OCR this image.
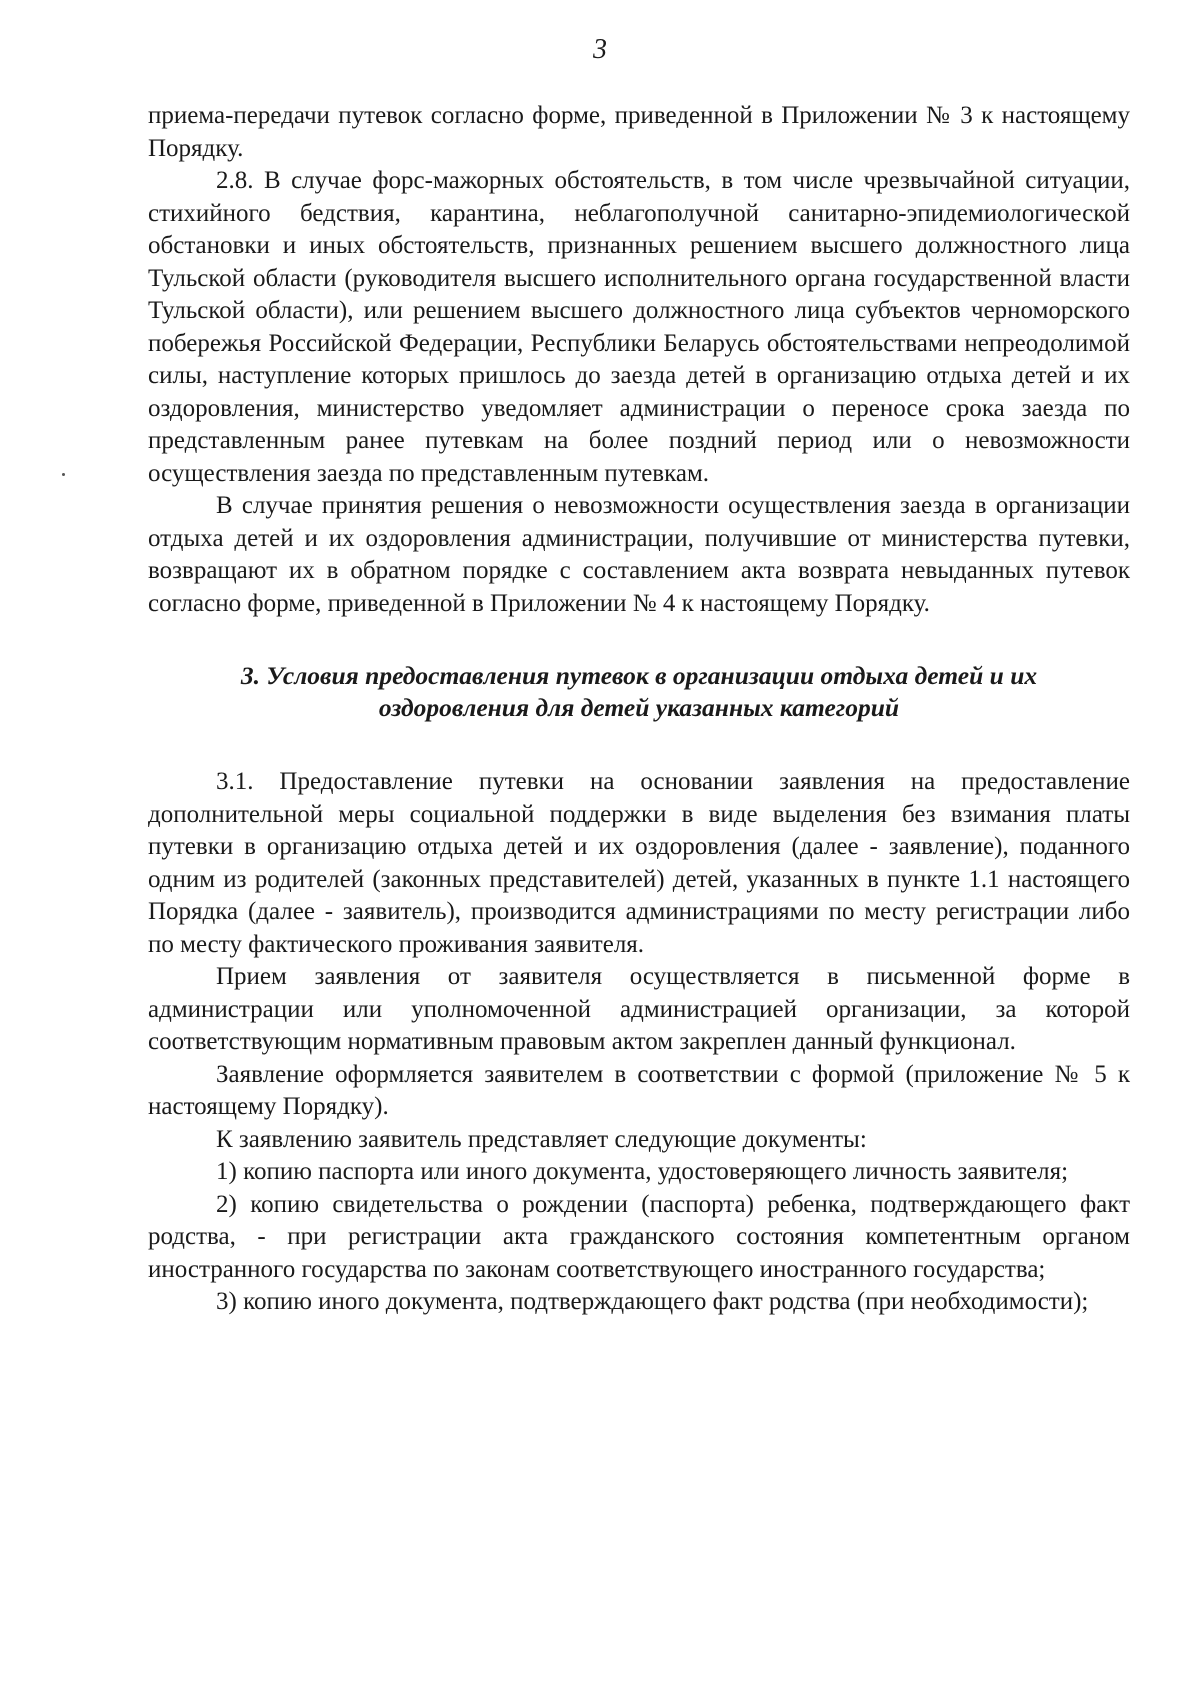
3

приема-передачи путевок согласно форме, приведенной в Приложении № 3 к настоящему Порядку.

2.8. В случае форс-мажорных обстоятельств, в том числе чрезвычайной ситуации, стихийного бедствия, карантина, неблагополучной санитарно-эпидемиологической обстановки и иных обстоятельств, признанных решением высшего должностного лица Тульской области (руководителя высшего исполнительного органа государственной власти Тульской области), или решением высшего должностного лица субъектов черноморского побережья Российской Федерации, Республики Беларусь обстоятельствами непреодолимой силы, наступление которых пришлось до заезда детей в организацию отдыха детей и их оздоровления, министерство уведомляет администрации о переносе срока заезда по представленным ранее путевкам на более поздний период или о невозможности осуществления заезда по представленным путевкам.

В случае принятия решения о невозможности осуществления заезда в организации отдыха детей и их оздоровления администрации, получившие от министерства путевки, возвращают их в обратном порядке с составлением акта возврата невыданных путевок согласно форме, приведенной в Приложении № 4 к настоящему Порядку.

3. Условия предоставления путевок в организации отдыха детей и их
оздоровления для детей указанных категорий

3.1. Предоставление путевки на основании заявления на предоставление дополнительной меры социальной поддержки в виде выделения без взимания платы путевки в организацию отдыха детей и их оздоровления (далее - заявление), поданного одним из родителей (законных представителей) детей, указанных в пункте 1.1 настоящего Порядка (далее - заявитель), производится администрациями по месту регистрации либо по месту фактического проживания заявителя.

Прием заявления от заявителя осуществляется в письменной форме в администрации или уполномоченной администрацией организации, за которой соответствующим нормативным правовым актом закреплен данный функционал.

Заявление оформляется заявителем в соответствии с формой (приложение № 5 к настоящему Порядку).

К заявлению заявитель представляет следующие документы:

1) копию паспорта или иного документа, удостоверяющего личность заявителя;

2) копию свидетельства о рождении (паспорта) ребенка, подтверждающего факт родства, - при регистрации акта гражданского состояния компетентным органом иностранного государства по законам соответствующего иностранного государства;

3) копию иного документа, подтверждающего факт родства (при необходимости);
